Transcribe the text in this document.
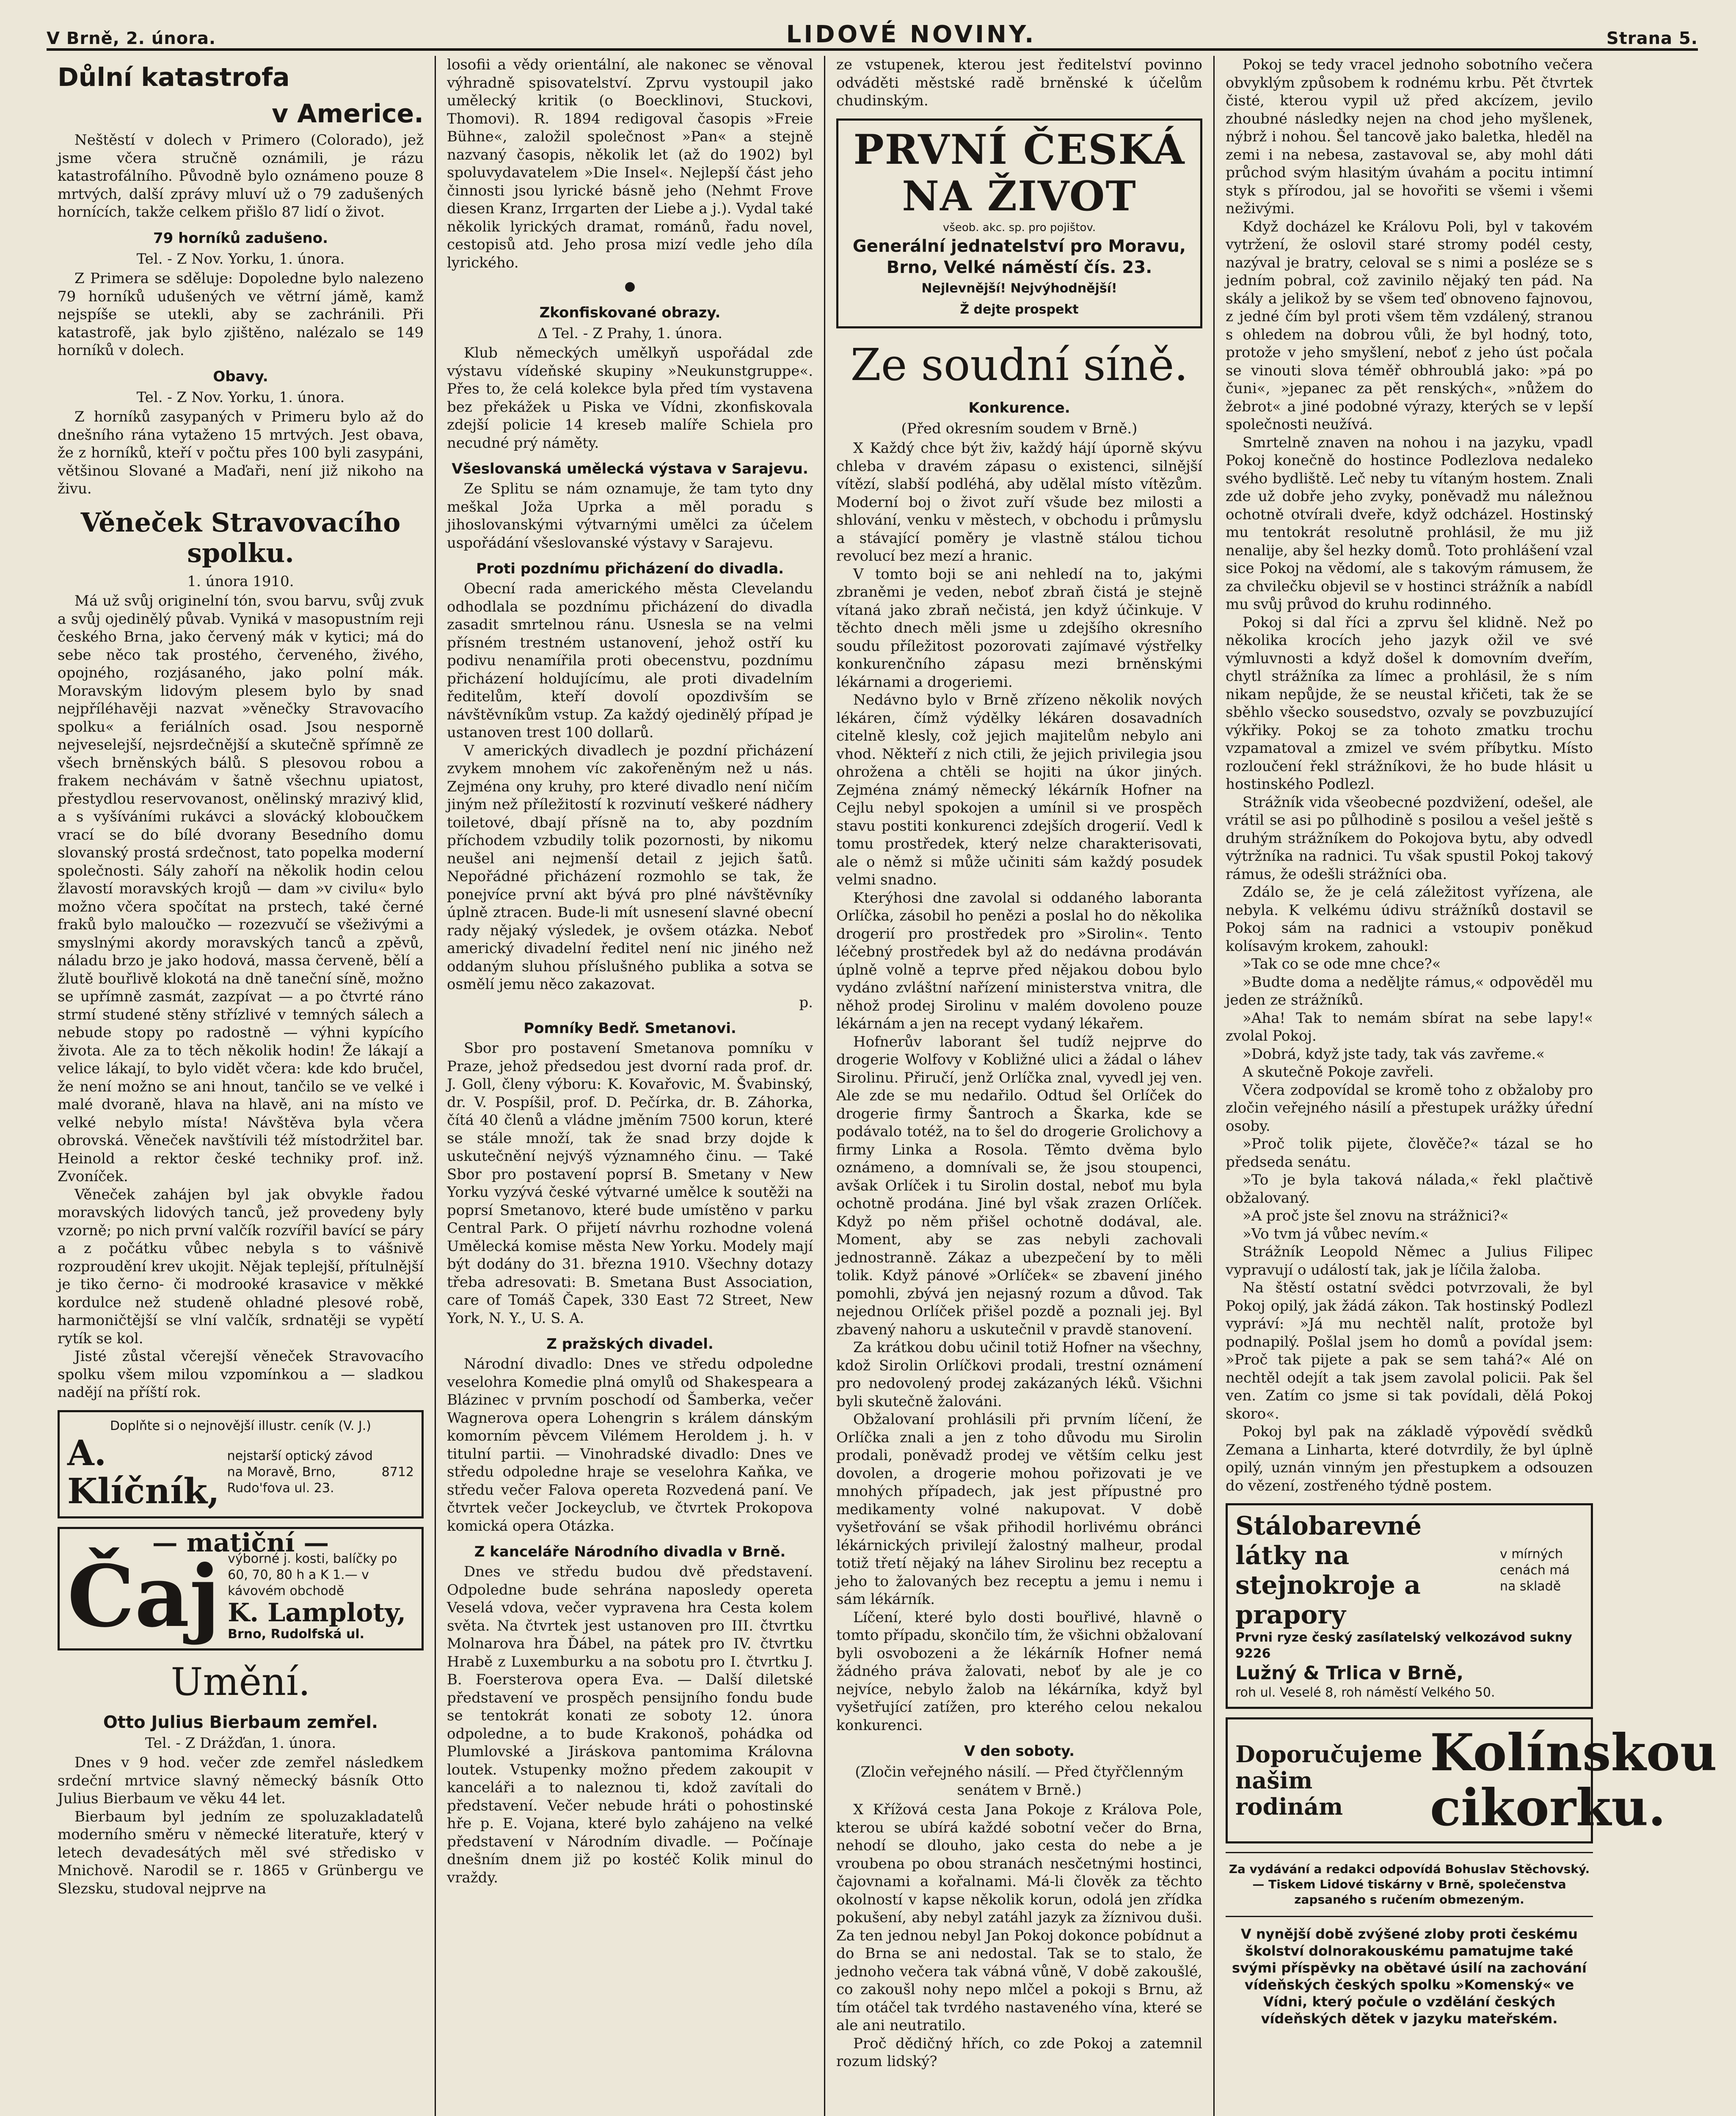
V Brně, 2. února.	LIDOVÉ NOVINY.	Strana 5.
Důlní katastrofa
v Americe.

Neštěstí v dolech v Primero (Colorado), jež jsme včera stručně oznámili, je rázu katastrofálního. Původně bylo oznámeno pouze 8 mrtvých, další zprávy mluví už o 79 zadušených hornících, takže celkem přišlo 87 lidí o život.

79 horníků zadušeno.
Tel. - Z Nov. Yorku, 1. února.

Z Primera se sděluje: Dopoledne bylo nalezeno 79 horníků udušených ve větrní jámě, kamž nejspíše se utekli, aby se zachránili. Při katastrofě, jak bylo zjištěno, nalézalo se 149 horníků v dolech.

Obavy.
Tel. - Z Nov. Yorku, 1. února.

Z horníků zasypaných v Primeru bylo až do dnešního rána vytaženo 15 mrtvých. Jest obava, že z horníků, kteří v počtu přes 100 byli zasypáni, většinou Slované a Maďaři, není již nikoho na živu.

Věneček Stravovacího spolku.
1. února 1910.

Má už svůj originelní tón, svou barvu, svůj zvuk a svůj ojedinělý půvab. Vyniká v masopustním reji českého Brna, jako červený mák v kytici; má do sebe něco tak prostého, červeného, živého, opojného, rozjásaného, jako polní mák. Moravským lidovým plesem bylo by snad nejpříléhavěji nazvat »věnečky Stravovacího spolku« a feriálních osad. Jsou nesporně nejveselejší, nejsrdečnější a skutečně spřímně ze všech brněnských bálů. S plesovou robou a frakem nechávám v šatně všechnu upiatost, přestydlou reservovanost, onělinský mrazivý klid, a s vyšíváními rukávci a slovácký kloboučkem vrací se do bílé dvorany Besedního domu slovanský prostá srdečnost, tato popelka moderní společnosti. Sály zahoří na několik hodin celou žlavostí moravských krojů — dam »v civilu« bylo možno včera spočítat na prstech, také černé fraků bylo maloučko — rozezvučí se všeživými a smyslnými akordy moravských tanců a zpěvů, náladu brzo je jako hodová, massa červeně, bělí a žlutě bouřlivě klokotá na dně taneční síně, možno se upřímně zasmát, zazpívat — a po čtvrté ráno strmí studené stěny střízlivé v temných sálech a nebude stopy po radostně — výhni kypícího života. Ale za to těch několik hodin! Že lákají a velice lákají, to bylo vidět včera: kde kdo bručel, že není možno se ani hnout, tančilo se ve velké i malé dvoraně, hlava na hlavě, ani na místo ve velké nebylo místa! Návštěva byla včera obrovská. Věneček navštívili též místodržitel bar. Heinold a rektor české techniky prof. inž. Zvoníček.

Věneček zahájen byl jak obvykle řadou moravských lidových tanců, jež provedeny byly vzorně; po nich první valčík rozvířil bavící se páry a z počátku vůbec nebyla s to vášnivě rozproudění krev ukojit. Nějak teplejší, přítulnější je tiko černo- či modrooké krasavice v měkké kordulce než studeně ohladné plesové robě, harmoničtější se vlní valčík, srdnatěji se vypětí rytík se kol.

Jisté zůstal včerejší věneček Stravovacího spolku všem milou vzpomínkou a — sladkou nadějí na příští rok.

Doplňte si o nejnovější illustr. ceník (V. J.)
A. Klíčník,
nejstarší optický závod na Moravě, Brno, Rudo'fova ul. 23.
8712
— matiční —
Čaj výborné j. kosti, balíčky po 60, 70, 80 h a K 1.— v kávovém obchodě
K. Lamploty,
Brno, Rudolfská ul.
Umění.
Otto Julius Bierbaum zemřel.
Tel. - Z Drážďan, 1. února.

Dnes v 9 hod. večer zde zemřel následkem srdeční mrtvice slavný německý básník Otto Julius Bierbaum ve věku 44 let.

Bierbaum byl jedním ze spoluzakladatelů moderního směru v německé literatuře, který v letech devadesátých měl své středisko v Mnichově. Narodil se r. 1865 v Grünbergu ve Slezsku, studoval nejprve na

losofii a vědy orientální, ale nakonec se věnoval výhradně spisovatelství. Zprvu vystoupil jako umělecký kritik (o Boecklinovi, Stuckovi, Thomovi). R. 1894 redigoval časopis »Freie Bühne«, založil společnost »Pan« a stejně nazvaný časopis, několik let (až do 1902) byl spoluvydavatelem »Die Insel«. Nejlepší část jeho činnosti jsou lyrické básně jeho (Nehmt Frove diesen Kranz, Irrgarten der Liebe a j.). Vydal také několik lyrických dramat, románů, řadu novel, cestopisů atd. Jeho prosa mizí vedle jeho díla lyrického.

●
Zkonfiskované obrazy.
Δ Tel. - Z Prahy, 1. února.

Klub německých umělkyň uspořádal zde výstavu vídeňské skupiny »Neukunstgruppe«. Přes to, že celá kolekce byla před tím vystavena bez překážek u Piska ve Vídni, zkonfiskovala zdejší policie 14 kreseb malíře Schiela pro necudné prý náměty.

Všeslovanská umělecká výstava v Sarajevu.

Ze Splitu se nám oznamuje, že tam tyto dny meškal Joža Uprka a měl poradu s jihoslovanskými výtvarnými umělci za účelem uspořádání všeslovanské výstavy v Sarajevu.

Proti pozdnímu přicházení do divadla.

Obecní rada amerického města Clevelandu odhodlala se pozdnímu přicházení do divadla zasadit smrtelnou ránu. Usnesla se na velmi přísném trestném ustanovení, jehož ostří ku podivu nenamířila proti obecenstvu, pozdnímu přicházení holdujícímu, ale proti divadelním ředitelům, kteří dovolí opozdivším se návštěvníkům vstup. Za každý ojedinělý případ je ustanoven trest 100 dollarů.

V amerických divadlech je pozdní přicházení zvykem mnohem víc zakořeněným než u nás. Zejména ony kruhy, pro které divadlo není ničím jiným než příležitostí k rozvinutí veškeré nádhery toiletové, dbají přísně na to, aby pozdním příchodem vzbudily tolik pozornosti, by nikomu neušel ani nejmenší detail z jejich šatů. Nepořádné přicházení rozmohlo se tak, že ponejvíce první akt bývá pro plné návštěvníky úplně ztracen. Bude-li mít usnesení slavné obecní rady nějaký výsledek, je ovšem otázka. Neboť americký divadelní ředitel není nic jiného než oddaným sluhou příslušného publika a sotva se osmělí jemu něco zakazovat.

p.
Pomníky Bedř. Smetanovi.

Sbor pro postavení Smetanova pomníku v Praze, jehož předsedou jest dvorní rada prof. dr. J. Goll, členy výboru: K. Kovařovic, M. Švabinský, dr. V. Pospíšil, prof. D. Pečírka, dr. B. Záhorka, čítá 40 členů a vládne jměním 7500 korun, které se stále množí, tak že snad brzy dojde k uskutečnění nejvýš významného činu. — Také Sbor pro postavení poprsí B. Smetany v New Yorku vyzývá české výtvarné umělce k soutěži na poprsí Smetanovo, které bude umístěno v parku Central Park. O přijetí návrhu rozhodne volená Umělecká komise města New Yorku. Modely mají být dodány do 31. března 1910. Všechny dotazy třeba adresovati: B. Smetana Bust Association, care of Tomáš Čapek, 330 East 72 Street, New York, N. Y., U. S. A.

Z pražských divadel.

Národní divadlo: Dnes ve středu odpoledne veselohra Komedie plná omylů od Shakespeara a Blázinec v prvním poschodí od Šamberka, večer Wagnerova opera Lohengrin s králem dánským komorním pěvcem Vilémem Heroldem j. h. v titulní partii. — Vinohradské divadlo: Dnes ve středu odpoledne hraje se veselohra Kaňka, ve středu večer Falova opereta Rozvedená paní. Ve čtvrtek večer Jockeyclub, ve čtvrtek Prokopova komická opera Otázka.

Z kanceláře Národního divadla v Brně.

Dnes ve středu budou dvě představení. Odpoledne bude sehrána naposledy opereta Veselá vdova, večer vypravena hra Cesta kolem světa. Na čtvrtek jest ustanoven pro III. čtvrtku Molnarova hra Ďábel, na pátek pro IV. čtvrtku Hrabě z Luxemburku a na sobotu pro I. čtvrtku J. B. Foersterova opera Eva. — Další diletské představení ve prospěch pensijního fondu bude se tentokrát konati ze soboty 12. února odpoledne, a to bude Krakonoš, pohádka od Plumlovské a Jiráskova pantomima Královna loutek. Vstupenky možno předem zakoupit v kanceláři a to naleznou ti, kdož zavítali do představení. Večer nebude hráti o pohostinské hře p. E. Vojana, které bylo zahájeno na velké představení v Národním divadle. — Počínaje dnešním dnem již po kostéč Kolik minul do vraždy.

ze vstupenek, kterou jest ředitelství povinno odváděti městské radě brněnské k účelům chudinským.

PRVNÍ ČESKÁ NA ŽIVOT
všeob. akc. sp. pro pojištov.
Generální jednatelství pro Moravu,
Brno, Velké náměstí čís. 23.
Nejlevnější! Nejvýhodnější!
Ž dejte prospekt
Ze soudní síně.
Konkurence.
(Před okresním soudem v Brně.)

X Každý chce být živ, každý hájí úporně skývu chleba v dravém zápasu o existenci, silnější vítězí, slabší podléhá, aby udělal místo vítězům. Moderní boj o život zuří všude bez milosti a shlování, venku v městech, v obchodu i průmyslu a stávající poměry je vlastně stálou tichou revolucí bez mezí a hranic.

V tomto boji se ani nehledí na to, jakými zbraněmi je veden, neboť zbraň čistá je stejně vítaná jako zbraň nečistá, jen když účinkuje. V těchto dnech měli jsme u zdejšího okresního soudu příležitost pozorovati zajímavé výstřelky konkurenčního zápasu mezi brněnskými lékárnami a drogeriemi.

Nedávno bylo v Brně zřízeno několik nových lékáren, čímž výdělky lékáren dosavadních citelně klesly, což jejich majitelům nebylo ani vhod. Někteří z nich ctili, že jejich privilegia jsou ohrožena a chtěli se hojiti na úkor jiných. Zejména známý německý lékárník Hofner na Cejlu nebyl spokojen a umínil si ve prospěch stavu postiti konkurenci zdejších drogerií. Vedl k tomu prostředek, který nelze charakterisovati, ale o němž si může učiniti sám každý posudek velmi snadno.

Kterýhosi dne zavolal si oddaného laboranta Orlíčka, zásobil ho penězi a poslal ho do několika drogerií pro prostředek pro »Sirolin«. Tento léčebný prostředek byl až do nedávna prodáván úplně volně a teprve před nějakou dobou bylo vydáno zvláštní nařízení ministerstva vnitra, dle něhož prodej Sirolinu v malém dovoleno pouze lékárnám a jen na recept vydaný lékařem.

Hofnerův laborant šel tudíž nejprve do drogerie Wolfovy v Kobližné ulici a žádal o láhev Sirolinu. Přiručí, jenž Orlíčka znal, vyvedl jej ven. Ale zde se mu nedařilo. Odtud šel Orlíček do drogerie firmy Šantroch a Škarka, kde se podávalo totéž, na to šel do drogerie Grolichovy a firmy Linka a Rosola. Těmto dvěma bylo oznámeno, a domnívali se, že jsou stoupenci, avšak Orlíček i tu Sirolin dostal, neboť mu byla ochotně prodána. Jiné byl však zrazen Orlíček. Když po něm přišel ochotně dodával, ale. Moment, aby se zas nebyli zachovali jednostranně. Zákaz a ubezpečení by to měli tolik. Když pánové »Orlíček« se zbavení jiného pomohli, zbývá jen nejasný rozum a důvod. Tak nejednou Orlíček přišel pozdě a poznali jej. Byl zbavený nahoru a uskutečnil v pravdě stanovení.

Za krátkou dobu učinil totiž Hofner na všechny, kdož Sirolin Orlíčkovi prodali, trestní oznámení pro nedovolený prodej zakázaných léků. Všichni byli skutečně žalováni.

Obžalovaní prohlásili při prvním líčení, že Orlíčka znali a jen z toho důvodu mu Sirolin prodali, poněvadž prodej ve větším celku jest dovolen, a drogerie mohou pořizovati je ve mnohých případech, jak jest přípustné pro medikamenty volné nakupovat. V době vyšetřování se však přihodil horlivému obránci lékárnických privilejí žalostný malheur, prodal totiž třetí nějaký na láhev Sirolinu bez receptu a jeho to žalovaných bez receptu a jemu i nemu i sám lékárník.

Líčení, které bylo dosti bouřlivé, hlavně o tomto případu, skončilo tím, že všichni obžalovaní byli osvobozeni a že lékárník Hofner nemá žádného práva žalovati, neboť by ale je co nejvíce, nebylo žalob na lékárníka, když byl vyšetřující zatížen, pro kterého celou nekalou konkurenci.

V den soboty.
(Zločin veřejného násilí. — Před čtyřčlenným senátem v Brně.)

X Křížová cesta Jana Pokoje z Králova Pole, kterou se ubírá každé sobotní večer do Brna, nehodí se dlouho, jako cesta do nebe a je vroubena po obou stranách nesčetnými hostinci, čajovnami a kořalnami. Má-li člověk za těchto okolností v kapse několik korun, odolá jen zřídka pokušení, aby nebyl zatáhl jazyk za žíznivou duši. Za ten jednou nebyl Jan Pokoj dokonce pobídnut a do Brna se ani nedostal. Tak se to stalo, že jednoho večera tak vábná vůně, V době zakoušlé, co zakoušl nohy nepo mlčel a pokoji s Brnu, až tím otáčel tak tvrdého nastaveného vína, které se ale ani neutratilo.

Proč dědičný hřích, co zde Pokoj a zatemnil rozum lidský?

Pokoj se tedy vracel jednoho sobotního večera obvyklým způsobem k rodnému krbu. Pět čtvrtek čisté, kterou vypil už před akcízem, jevilo zhoubné následky nejen na chod jeho myšlenek, nýbrž i nohou. Šel tancově jako baletka, hleděl na zemi i na nebesa, zastavoval se, aby mohl dáti průchod svým hlasitým úvahám a pocitu intimní styk s přírodou, jal se hovořiti se všemi i všemi neživými.

Když docházel ke Královu Poli, byl v takovém vytržení, že oslovil staré stromy podél cesty, nazýval je bratry, celoval se s nimi a posléze se s jedním pobral, což zavinilo nějaký ten pád. Na skály a jelikož by se všem teď obnoveno fajnovou, z jedné čím byl proti všem těm vzdálený, stranou s ohledem na dobrou vůli, že byl hodný, toto, protože v jeho smyšlení, neboť z jeho úst počala se vinouti slova téměř obhroublá jako: »pá po čuni«, »jepanec za pět renských«, »nůžem do žebrot« a jiné podobné výrazy, kterých se v lepší společnosti neužívá.

Smrtelně znaven na nohou i na jazyku, vpadl Pokoj konečně do hostince Podlezlova nedaleko svého bydliště. Leč neby tu vítaným hostem. Znali zde už dobře jeho zvyky, poněvadž mu náležnou ochotně otvírali dveře, když odcházel. Hostinský mu tentokrát resolutně prohlásil, že mu již nenalije, aby šel hezky domů. Toto prohlášení vzal sice Pokoj na vědomí, ale s takovým rámusem, že za chvilečku objevil se v hostinci strážník a nabídl mu svůj průvod do kruhu rodinného.

Pokoj si dal říci a zprvu šel klidně. Než po několika krocích jeho jazyk ožil ve své výmluvnosti a když došel k domovním dveřím, chytl strážníka za límec a prohlásil, že s ním nikam nepůjde, že se neustal křičeti, tak že se sběhlo všecko sousedstvo, ozvaly se povzbuzující výkřiky. Pokoj se za tohoto zmatku trochu vzpamatoval a zmizel ve svém příbytku. Místo rozloučení řekl strážníkovi, že ho bude hlásit u hostinského Podlezl.

Strážník vida všeobecné pozdvižení, odešel, ale vrátil se asi po půlhodině s posilou a vešel ještě s druhým strážníkem do Pokojova bytu, aby odvedl výtržníka na radnici. Tu však spustil Pokoj takový rámus, že odešli strážníci oba.

Zdálo se, že je celá záležitost vyřízena, ale nebyla. K velkému údivu strážníků dostavil se Pokoj sám na radnici a vstoupiv poněkud kolísavým krokem, zahoukl:

»Tak co se ode mne chce?«

»Budte doma a neděljte rámus,« odpověděl mu jeden ze strážníků.

»Aha! Tak to nemám sbírat na sebe lapy!« zvolal Pokoj.

»Dobrá, když jste tady, tak vás zavřeme.«

A skutečně Pokoje zavřeli.

Včera zodpovídal se kromě toho z obžaloby pro zločin veřejného násilí a přestupek urážky úřední osoby.

»Proč tolik pijete, člověče?« tázal se ho předseda senátu.

»To je byla taková nálada,« řekl plačtivě obžalovaný.

»A proč jste šel znovu na strážnici?«

»Vo tvm já vůbec nevím.«

Strážník Leopold Němec a Julius Filipec vypravují o událostí tak, jak je líčila žaloba.

Na štěstí ostatní svědci potvrzovali, že byl Pokoj opilý, jak žádá zákon. Tak hostinský Podlezl vypráví: »Já mu nechtěl nalít, protože byl podnapilý. Pošlal jsem ho domů a povídal jsem: »Proč tak pijete a pak se sem tahá?« Alé on nechtěl odejít a tak jsem zavolal policii. Pak šel ven. Zatím co jsme si tak povídali, dělá Pokoj skoro«.

Pokoj byl pak na základě výpovědí svědků Zemana a Linharta, které dotvrdily, že byl úplně opilý, uznán vinným jen přestupkem a odsouzen do vězení, zostřeného týdně postem.

Stálobarevné látky na stejnokroje a prapory
v mírných cenách má na skladě
Prvni ryze český zasílatelský velkozávod sukny 9226
Lužný & Trlica v Brně,
roh ul. Veselé 8, roh náměstí Velkého 50.
Doporučujeme našim rodinám
Kolínskou cikorku.
Za vydávání a redakci odpovídá Bohuslav Stěchovský. — Tiskem Lidové tiskárny v Brně, společenstva zapsaného s ručením obmezeným.
V nynější době zvýšené zloby proti českému školství dolnorakouskému pamatujme také svými příspěvky na obětavé úsilí na zachování vídeňských českých spolku »Komenský« ve Vídni, který počule o vzdělání českých vídeňských dětek v jazyku mateřském.
